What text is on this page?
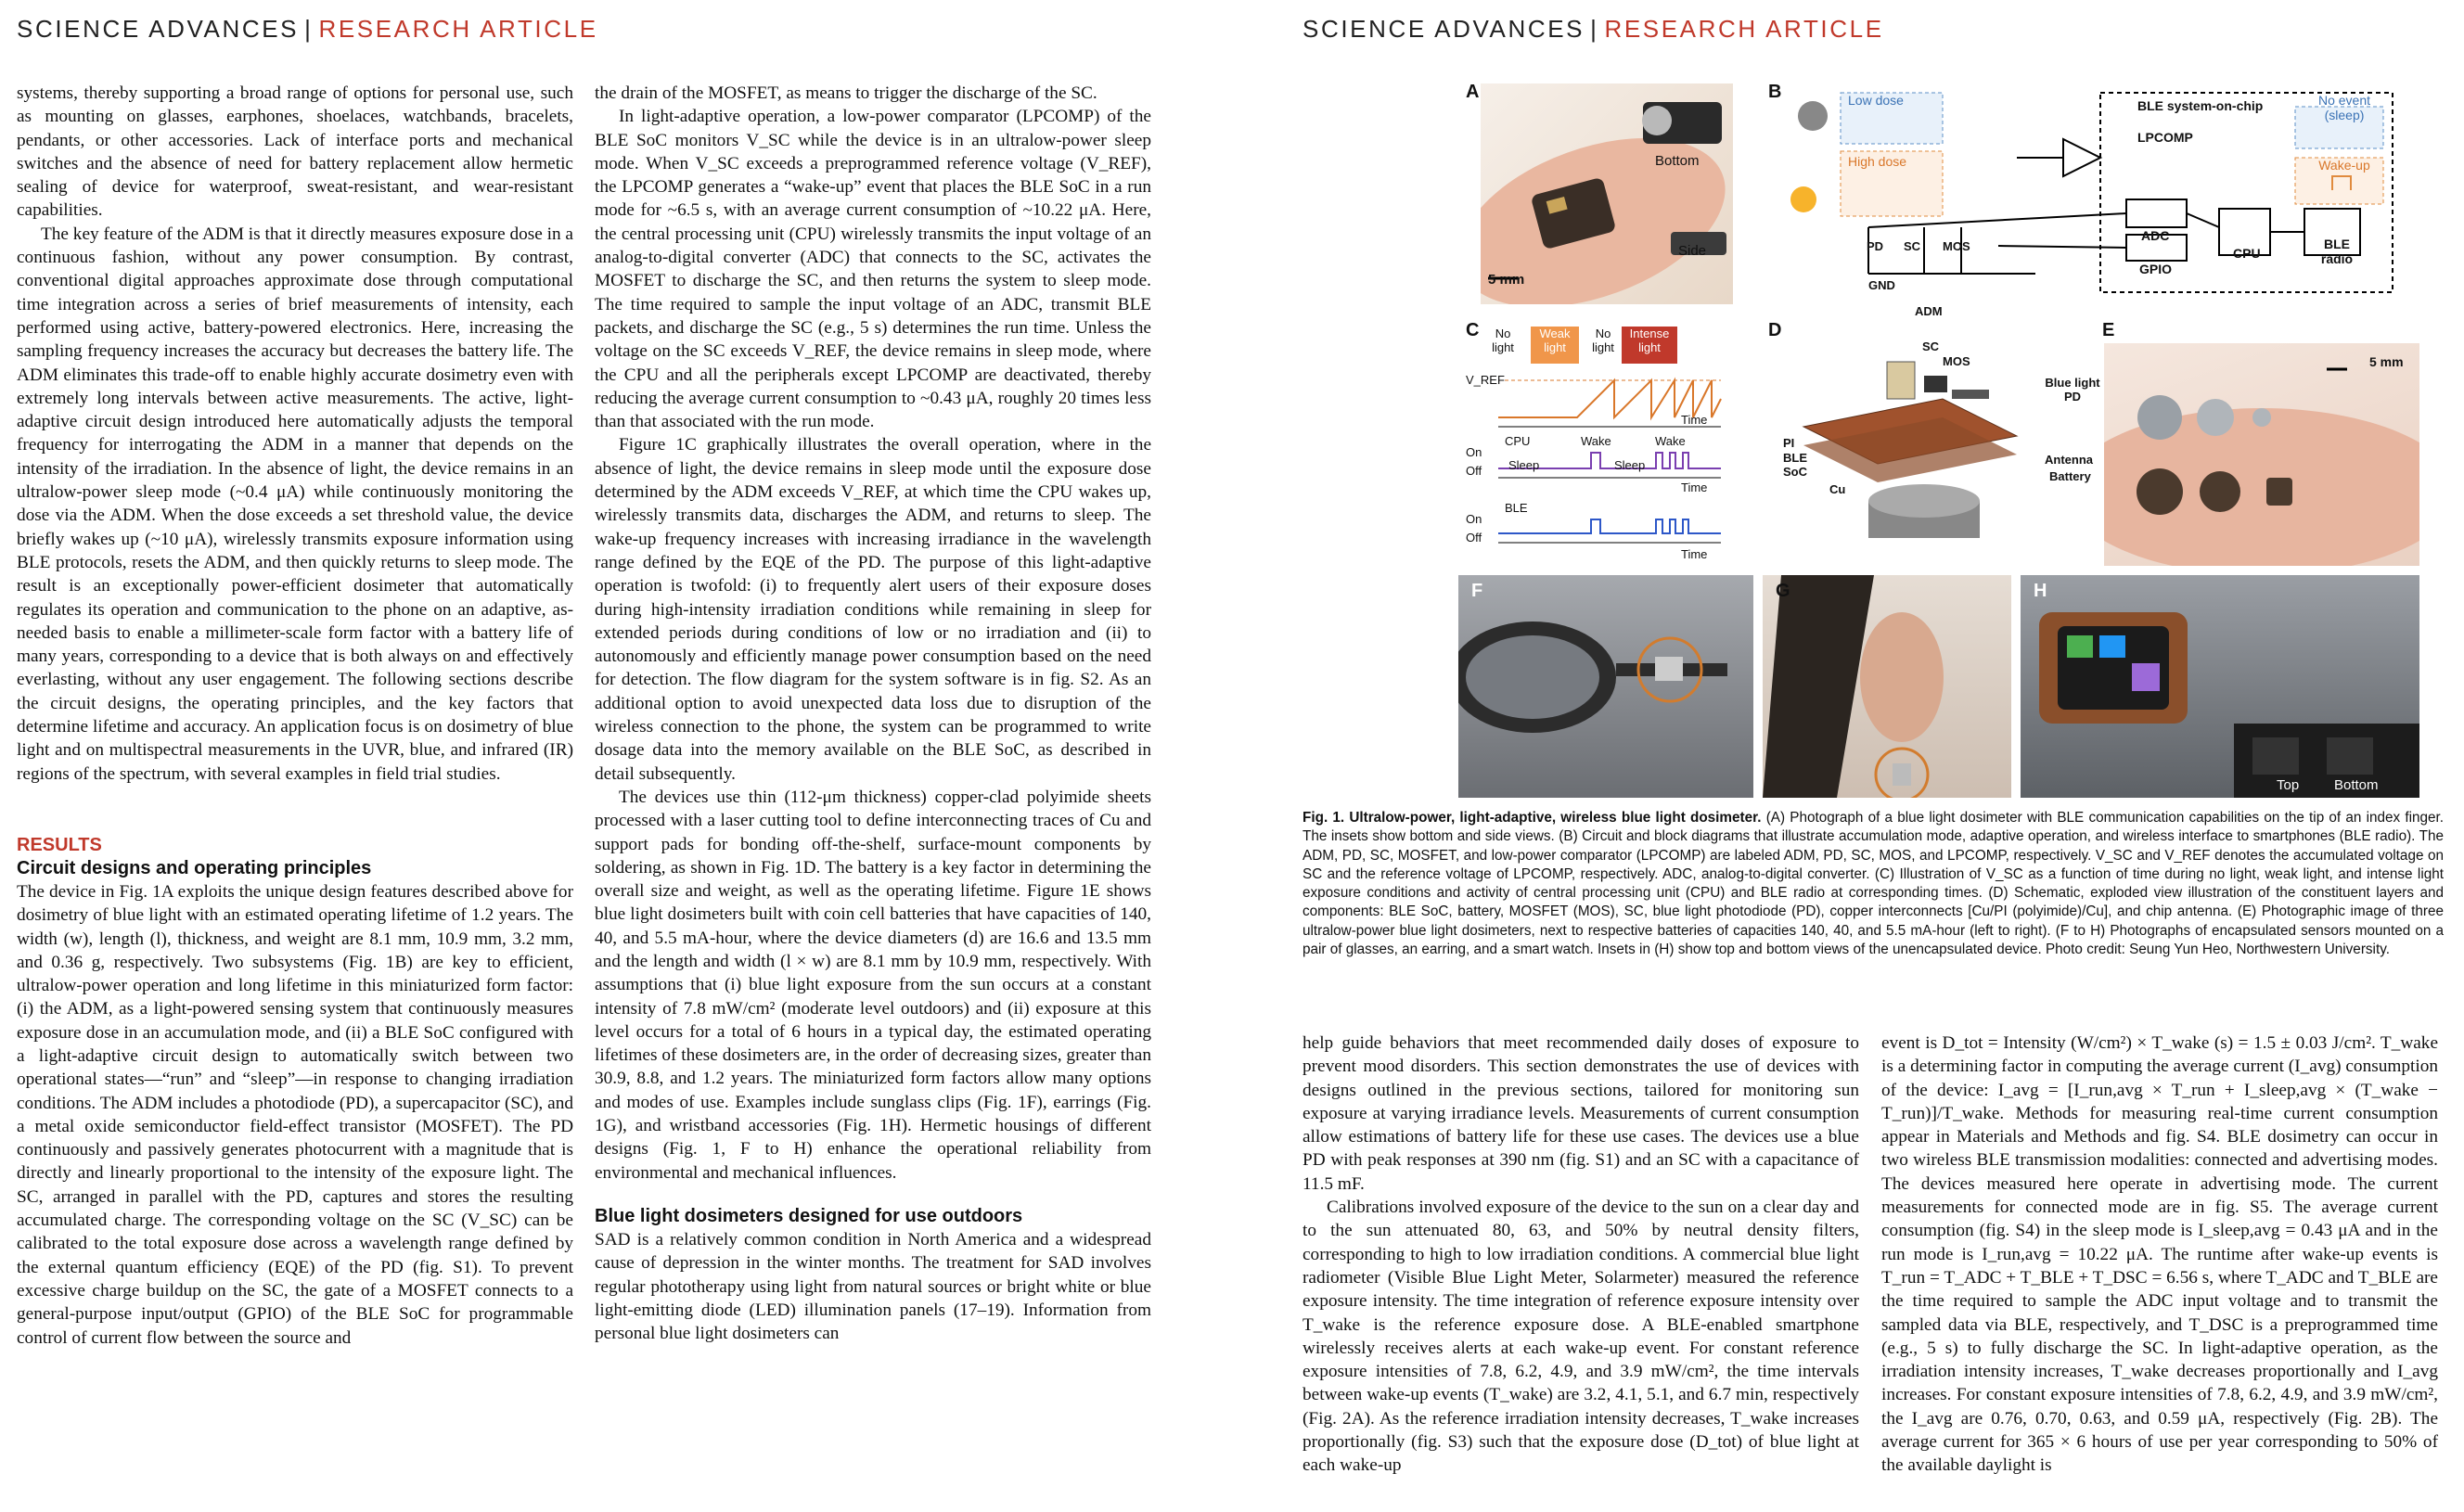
SCIENCE ADVANCES | RESEARCH ARTICLE

systems, thereby supporting a broad range of options for personal use, such as mounting on glasses, earphones, shoelaces, watchbands, bracelets, pendants, or other accessories. Lack of interface ports and mechanical switches and the absence of need for battery replacement allow hermetic sealing of device for waterproof, sweat-resistant, and wear-resistant capabilities.

The key feature of the ADM is that it directly measures exposure dose in a continuous fashion, without any power consumption. By contrast, conventional digital approaches approximate dose through computational time integration across a series of brief measurements of intensity, each performed using active, battery-powered electronics. Here, increasing the sampling frequency increases the accuracy but decreases the battery life. The ADM eliminates this trade-off to enable highly accurate dosimetry even with extremely long intervals between active measurements. The active, light-adaptive circuit design introduced here automatically adjusts the temporal frequency for interrogating the ADM in a manner that depends on the intensity of the irradiation. In the absence of light, the device remains in an ultralow-power sleep mode (~0.4 μA) while continuously monitoring the dose via the ADM. When the dose exceeds a set threshold value, the device briefly wakes up (~10 μA), wirelessly transmits exposure information using BLE protocols, resets the ADM, and then quickly returns to sleep mode. The result is an exceptionally power-efficient dosimeter that automatically regulates its operation and communication to the phone on an adaptive, as-needed basis to enable a millimeter-scale form factor with a battery life of many years, corresponding to a device that is both always on and effectively everlasting, without any user engagement. The following sections describe the circuit designs, the operating principles, and the key factors that determine lifetime and accuracy. An application focus is on dosimetry of blue light and on multispectral measurements in the UVR, blue, and infrared (IR) regions of the spectrum, with several examples in field trial studies.

RESULTS
Circuit designs and operating principles

The device in Fig. 1A exploits the unique design features described above for dosimetry of blue light with an estimated operating lifetime of 1.2 years. The width (w), length (l), thickness, and weight are 8.1 mm, 10.9 mm, 3.2 mm, and 0.36 g, respectively. Two subsystems (Fig. 1B) are key to efficient, ultralow-power operation and long lifetime in this miniaturized form factor: (i) the ADM, as a light-powered sensing system that continuously measures exposure dose in an accumulation mode, and (ii) a BLE SoC configured with a light-adaptive circuit design to automatically switch between two operational states—“run” and “sleep”—in response to changing irradiation conditions. The ADM includes a photodiode (PD), a supercapacitor (SC), and a metal oxide semiconductor field-effect transistor (MOSFET). The PD continuously and passively generates photocurrent with a magnitude that is directly and linearly proportional to the intensity of the exposure light. The SC, arranged in parallel with the PD, captures and stores the resulting accumulated charge. The corresponding voltage on the SC (V_SC) can be calibrated to the total exposure dose across a wavelength range defined by the external quantum efficiency (EQE) of the PD (fig. S1). To prevent excessive charge buildup on the SC, the gate of a MOSFET connects to a general-purpose input/output (GPIO) of the BLE SoC for programmable control of current flow between the source and

the drain of the MOSFET, as means to trigger the discharge of the SC.

In light-adaptive operation, a low-power comparator (LPCOMP) of the BLE SoC monitors V_SC while the device is in an ultralow-power sleep mode. When V_SC exceeds a preprogrammed reference voltage (V_REF), the LPCOMP generates a “wake-up” event that places the BLE SoC in a run mode for ~6.5 s, with an average current consumption of ~10.22 μA. Here, the central processing unit (CPU) wirelessly transmits the input voltage of an analog-to-digital converter (ADC) that connects to the SC, activates the MOSFET to discharge the SC, and then returns the system to sleep mode. The time required to sample the input voltage of an ADC, transmit BLE packets, and discharge the SC (e.g., 5 s) determines the run time. Unless the voltage on the SC exceeds V_REF, the device remains in sleep mode, where the CPU and all the peripherals except LPCOMP are deactivated, thereby reducing the average current consumption to ~0.43 μA, roughly 20 times less than that associated with the run mode.

Figure 1C graphically illustrates the overall operation, where in the absence of light, the device remains in sleep mode until the exposure dose determined by the ADM exceeds V_REF, at which time the CPU wakes up, wirelessly transmits data, discharges the ADM, and returns to sleep. The wake-up frequency increases with increasing irradiance in the wavelength range defined by the EQE of the PD. The purpose of this light-adaptive operation is twofold: (i) to frequently alert users of their exposure doses during high-intensity irradiation conditions while remaining in sleep for extended periods during conditions of low or no irradiation and (ii) to autonomously and efficiently manage power consumption based on the need for detection. The flow diagram for the system software is in fig. S2. As an additional option to avoid unexpected data loss due to disruption of the wireless connection to the phone, the system can be programmed to write dosage data into the memory available on the BLE SoC, as described in detail subsequently.

The devices use thin (112-μm thickness) copper-clad polyimide sheets processed with a laser cutting tool to define interconnecting traces of Cu and support pads for bonding off-the-shelf, surface-mount components by soldering, as shown in Fig. 1D. The battery is a key factor in determining the overall size and weight, as well as the operating lifetime. Figure 1E shows blue light dosimeters built with coin cell batteries that have capacities of 140, 40, and 5.5 mA-hour, where the device diameters (d) are 16.6 and 13.5 mm and the length and width (l × w) are 8.1 mm by 10.9 mm, respectively. With assumptions that (i) blue light exposure from the sun occurs at a constant intensity of 7.8 mW/cm² (moderate level outdoors) and (ii) exposure at this level occurs for a total of 6 hours in a typical day, the estimated operating lifetimes of these dosimeters are, in the order of decreasing sizes, greater than 30.9, 8.8, and 1.2 years. The miniaturized form factors allow many options and modes of use. Examples include sunglass clips (Fig. 1F), earrings (Fig. 1G), and wristband accessories (Fig. 1H). Hermetic housings of different designs (Fig. 1, F to H) enhance the operational reliability from environmental and mechanical influences.

Blue light dosimeters designed for use outdoors

SAD is a relatively common condition in North America and a widespread cause of depression in the winter months. The treatment for SAD involves regular phototherapy using light from natural sources or bright white or blue light-emitting diode (LED) illumination panels (17–19). Information from personal blue light dosimeters can

SCIENCE ADVANCES | RESEARCH ARTICLE
A
Bottom
Side
5 mm
B	Low dose
High dose
BLE system-on-chip
LPCOMP
No event
(sleep)
Wake-up
ADC
GPIO
CPU
BLE
radio
PD SC MOS
GND
ADM
C	No light
Weak light
No light
Intense light
V_REF
Time
CPU	Wake	Wake
On
Off Sleep	Sleep
Time
BLE
On
Off
Time
D
SC
MOS
Blue light PD
PI
BLE SoC
Cu
Antenna
Battery
E
5 mm
F	G	H
Top	Bottom
Fig. 1. Ultralow-power, light-adaptive, wireless blue light dosimeter. (A) Photograph of a blue light dosimeter with BLE communication capabilities on the tip of an index finger. The insets show bottom and side views. (B) Circuit and block diagrams that illustrate accumulation mode, adaptive operation, and wireless interface to smartphones (BLE radio). The ADM, PD, SC, MOSFET, and low-power comparator (LPCOMP) are labeled ADM, PD, SC, MOS, and LPCOMP, respectively. V_SC and V_REF denotes the accumulated voltage on SC and the reference voltage of LPCOMP, respectively. ADC, analog-to-digital converter. (C) Illustration of V_SC as a function of time during no light, weak light, and intense light exposure conditions and activity of central processing unit (CPU) and BLE radio at corresponding times. (D) Schematic, exploded view illustration of the constituent layers and components: BLE SoC, battery, MOSFET (MOS), SC, blue light photodiode (PD), copper interconnects [Cu/PI (polyimide)/Cu], and chip antenna. (E) Photographic image of three ultralow-power blue light dosimeters, next to respective batteries of capacities 140, 40, and 5.5 mA-hour (left to right). (F to H) Photographs of encapsulated sensors mounted on a pair of glasses, an earring, and a smart watch. Insets in (H) show top and bottom views of the unencapsulated device. Photo credit: Seung Yun Heo, Northwestern University.

help guide behaviors that meet recommended daily doses of exposure to prevent mood disorders. This section demonstrates the use of devices with designs outlined in the previous sections, tailored for monitoring sun exposure at varying irradiance levels. Measurements of current consumption allow estimations of battery life for these use cases. The devices use a blue PD with peak responses at 390 nm (fig. S1) and an SC with a capacitance of 11.5 mF.

Calibrations involved exposure of the device to the sun on a clear day and to the sun attenuated 80, 63, and 50% by neutral density filters, corresponding to high to low irradiation conditions. A commercial blue light radiometer (Visible Blue Light Meter, Solarmeter) measured the reference exposure intensity. The time integration of reference exposure intensity over T_wake is the reference exposure dose. A BLE-enabled smartphone wirelessly receives alerts at each wake-up event. For constant reference exposure intensities of 7.8, 6.2, 4.9, and 3.9 mW/cm², the time intervals between wake-up events (T_wake) are 3.2, 4.1, 5.1, and 6.7 min, respectively (Fig. 2A). As the reference irradiation intensity decreases, T_wake increases proportionally (fig. S3) such that the exposure dose (D_tot) of blue light at each wake-up

event is D_tot = Intensity (W/cm²) × T_wake (s) = 1.5 ± 0.03 J/cm². T_wake is a determining factor in computing the average current (I_avg) consumption of the device: I_avg = [I_run,avg × T_run + I_sleep,avg × (T_wake − T_run)]/T_wake. Methods for measuring real-time current consumption appear in Materials and Methods and fig. S4. BLE dosimetry can occur in two wireless BLE transmission modalities: connected and advertising modes. The devices measured here operate in advertising mode. The current measurements for connected mode are in fig. S5. The average current consumption (fig. S4) in the sleep mode is I_sleep,avg = 0.43 μA and in the run mode is I_run,avg = 10.22 μA. The runtime after wake-up events is T_run = T_ADC + T_BLE + T_DSC = 6.56 s, where T_ADC and T_BLE are the time required to sample the ADC input voltage and to transmit the sampled data via BLE, respectively, and T_DSC is a preprogrammed time (e.g., 5 s) to fully discharge the SC. In light-adaptive operation, as the irradiation intensity increases, T_wake decreases proportionally and I_avg increases. For constant exposure intensities of 7.8, 6.2, 4.9, and 3.9 mW/cm², the I_avg are 0.76, 0.70, 0.63, and 0.59 μA, respectively (Fig. 2B). The average current for 365 × 6 hours of use per year corresponding to 50% of the available daylight is
